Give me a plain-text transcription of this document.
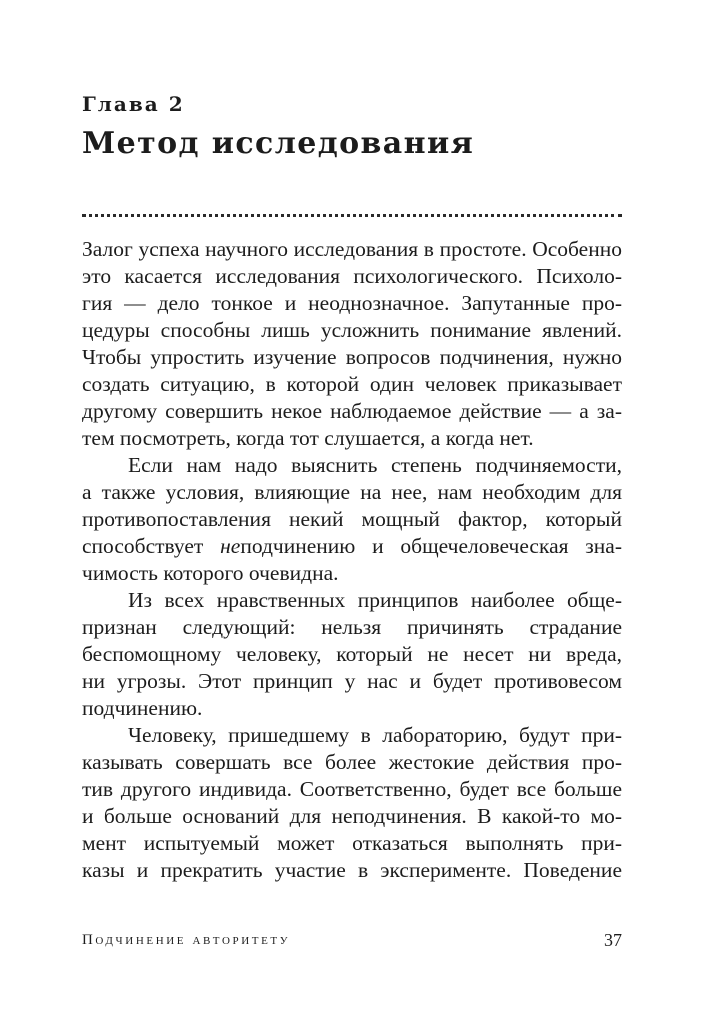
Глава 2
Метод исследования
Залог успеха научного исследования в простоте. Особенно
это касается исследования психологического. Психоло-
гия — дело тонкое и неоднозначное. Запутанные про-
цедуры способны лишь усложнить понимание явлений.
Чтобы упростить изучение вопросов подчинения, нужно
создать ситуацию, в которой один человек приказывает
другому совершить некое наблюдаемое действие — а за-
тем посмотреть, когда тот слушается, а когда нет.
Если нам надо выяснить степень подчиняемости,
а также условия, влияющие на нее, нам необходим для
противопоставления некий мощный фактор, который
способствует неподчинению и общечеловеческая зна-
чимость которого очевидна.
Из всех нравственных принципов наиболее обще-
признан следующий: нельзя причинять страдание
беспомощному человеку, который не несет ни вреда,
ни угрозы. Этот принцип у нас и будет противовесом
подчинению.
Человеку, пришедшему в лабораторию, будут при-
казывать совершать все более жестокие действия про-
тив другого индивида. Соответственно, будет все больше
и больше оснований для неподчинения. В какой-то мо-
мент испытуемый может отказаться выполнять при-
казы и прекратить участие в эксперименте. Поведение
Подчинение авторитету	37
